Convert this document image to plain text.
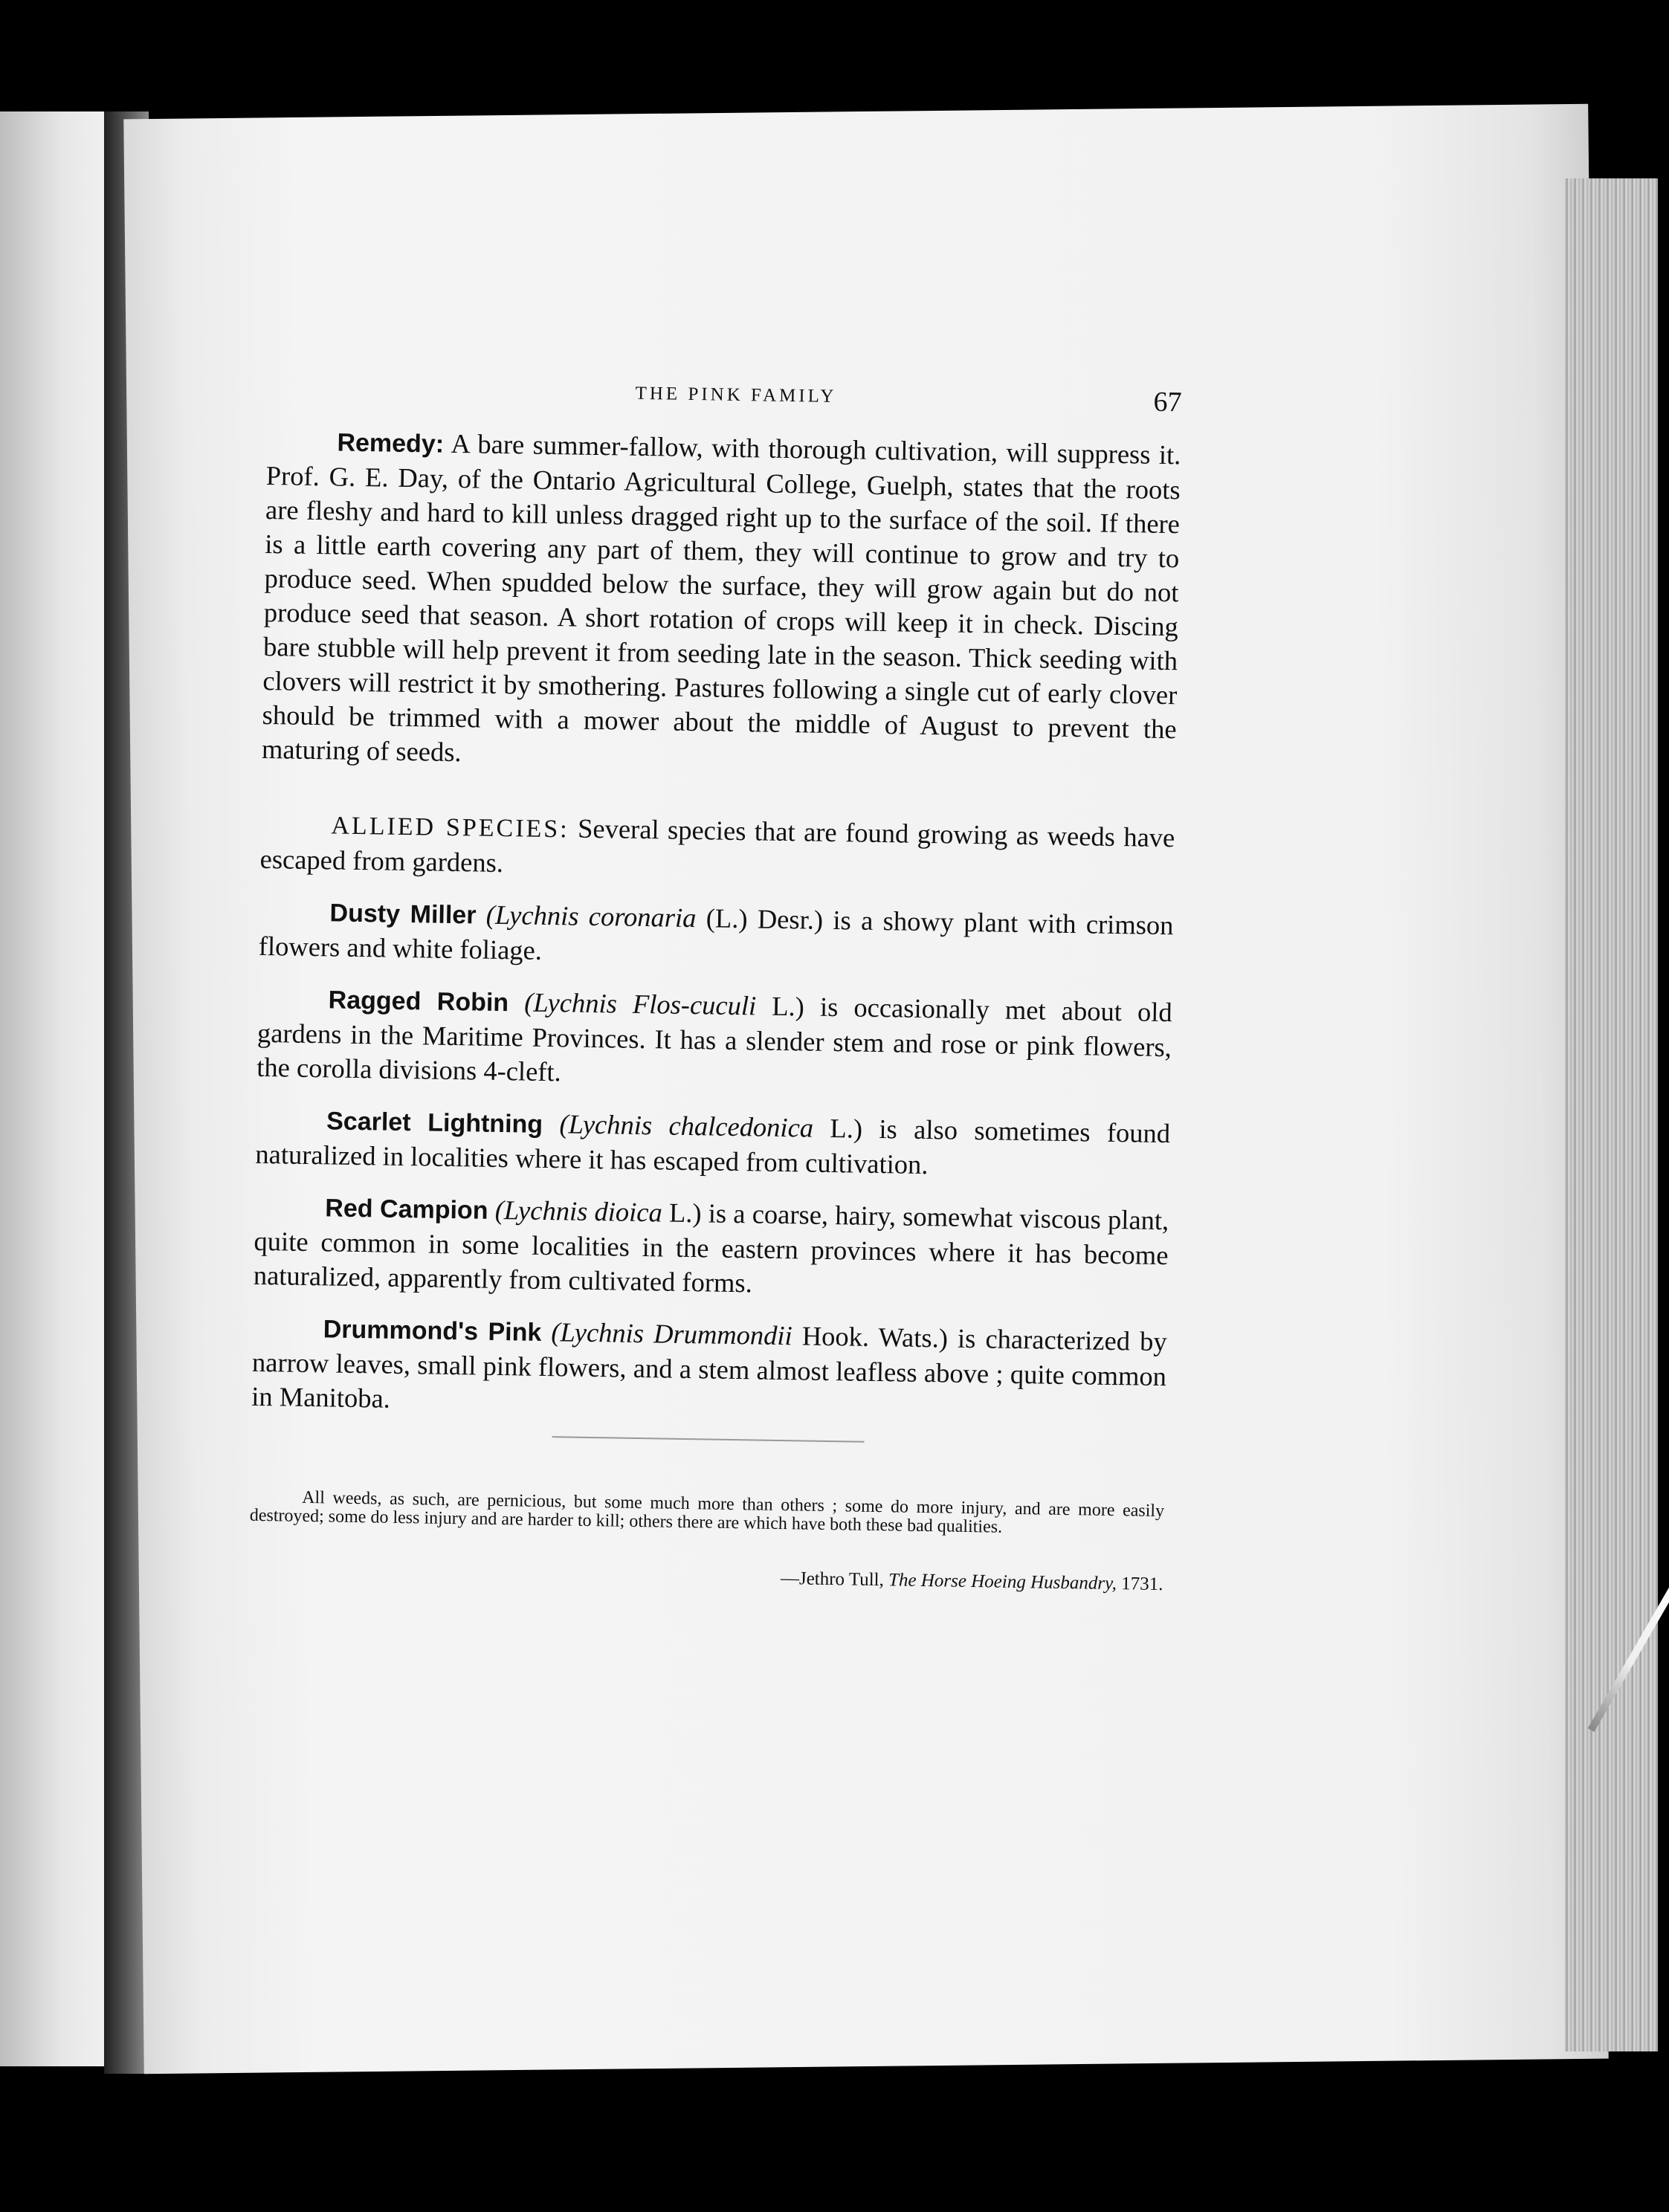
THE PINK FAMILY	67

Remedy: A bare summer-fallow, with thorough cultivation, will suppress it. Prof. G. E. Day, of the Ontario Agricultural College, Guelph, states that the roots are fleshy and hard to kill unless dragged right up to the surface of the soil. If there is a little earth covering any part of them, they will continue to grow and try to produce seed. When spudded below the surface, they will grow again but do not produce seed that season. A short rotation of crops will keep it in check. Discing bare stubble will help prevent it from seeding late in the season. Thick seeding with clovers will restrict it by smothering. Pastures following a single cut of early clover should be trimmed with a mower about the middle of August to prevent the maturing of seeds.

ALLIED SPECIES: Several species that are found growing as weeds have escaped from gardens.

Dusty Miller (Lychnis coronaria (L.) Desr.) is a showy plant with crimson flowers and white foliage.

Ragged Robin (Lychnis Flos-cuculi L.) is occasionally met about old gardens in the Maritime Provinces. It has a slender stem and rose or pink flowers, the corolla divisions 4-cleft.

Scarlet Lightning (Lychnis chalcedonica L.) is also sometimes found naturalized in localities where it has escaped from cultivation.

Red Campion (Lychnis dioica L.) is a coarse, hairy, somewhat viscous plant, quite common in some localities in the eastern provinces where it has become naturalized, apparently from cultivated forms.

Drummond's Pink (Lychnis Drummondii Hook. Wats.) is characterized by narrow leaves, small pink flowers, and a stem almost leafless above ; quite common in Manitoba.

All weeds, as such, are pernicious, but some much more than others ; some do more injury, and are more easily destroyed; some do less injury and are harder to kill; others there are which have both these bad qualities.

—Jethro Tull, The Horse Hoeing Husbandry, 1731.
